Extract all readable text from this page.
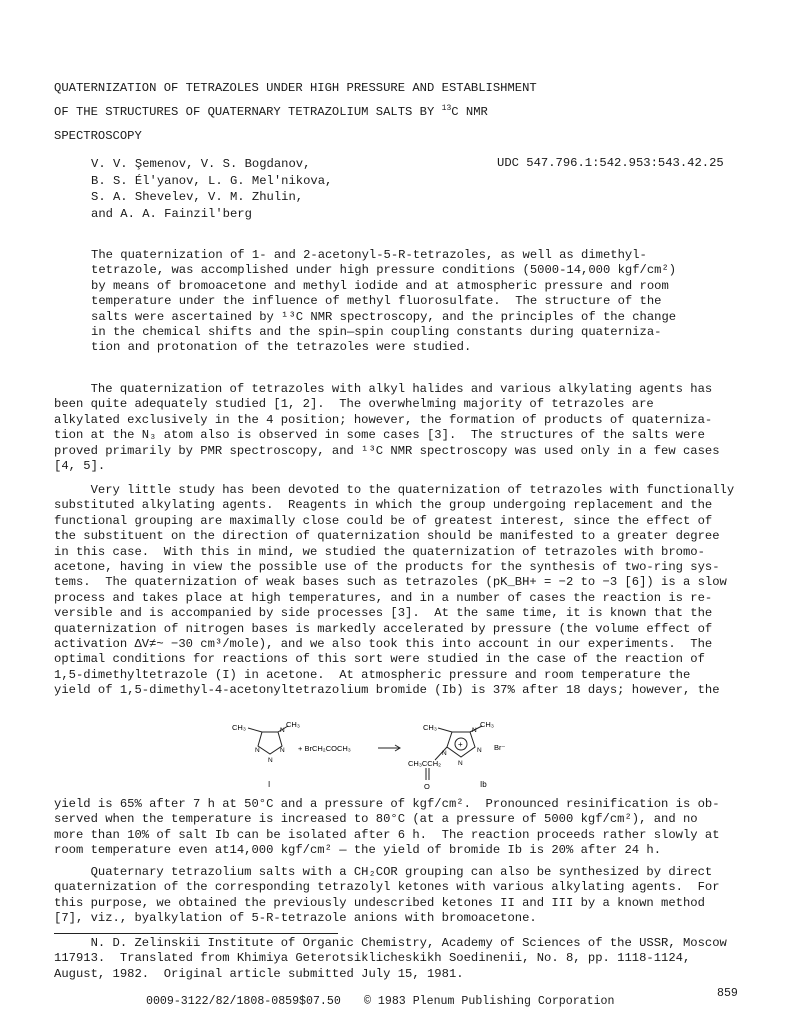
QUATERNIZATION OF TETRAZOLES UNDER HIGH PRESSURE AND ESTABLISHMENT
OF THE STRUCTURES OF QUATERNARY TETRAZOLIUM SALTS BY $^{13}$C NMR
SPECTROSCOPY
V. V. Şemenov, V. S. Bogdanov,
B. S. Él'yanov, L. G. Mel'nikova,
S. A. Shevelev, V. M. Zhulin,
and A. A. Fainzil'berg
UDC 547.796.1:542.953:543.42.25
The quaternization of 1- and 2-acetonyl-5-R-tetrazoles, as well as dimethyl-
tetrazole, was accomplished under high pressure conditions (5000-14,000 kgf/cm²)
by means of bromoacetone and methyl iodide and at atmospheric pressure and room
temperature under the influence of methyl fluorosulfate.  The structure of the
salts were ascertained by ¹³C NMR spectroscopy, and the principles of the change
in the chemical shifts and the spin—spin coupling constants during quaterniza-
tion and protonation of the tetrazoles were studied.
The quaternization of tetrazoles with alkyl halides and various alkylating agents has
been quite adequately studied [1, 2].  The overwhelming majority of tetrazoles are
alkylated exclusively in the 4 position; however, the formation of products of quaterniza-
tion at the N₃ atom also is observed in some cases [3].  The structures of the salts were
proved primarily by PMR spectroscopy, and ¹³C NMR spectroscopy was used only in a few cases
[4, 5].
Very little study has been devoted to the quaternization of tetrazoles with functionally
substituted alkylating agents.  Reagents in which the group undergoing replacement and the
functional grouping are maximally close could be of greatest interest, since the effect of
the substituent on the direction of quaternization should be manifested to a greater degree
in this case.  With this in mind, we studied the quaternization of tetrazoles with bromo-
acetone, having in view the possible use of the products for the synthesis of two-ring sys-
tems.  The quaternization of weak bases such as tetrazoles (pK_BH+ = −2 to −3 [6]) is a slow
process and takes place at high temperatures, and in a number of cases the reaction is re-
versible and is accompanied by side processes [3].  At the same time, it is known that the
quaternization of nitrogen bases is markedly accelerated by pressure (the volume effect of
activation ΔV≠~ −30 cm³/mole), and we also took this into account in our experiments.  The
optimal conditions for reactions of this sort were studied in the case of the reaction of
1,5-dimethyltetrazole (I) in acetone.  At atmospheric pressure and room temperature the
yield of 1,5-dimethyl-4-acetonyltetrazolium bromide (Ib) is 37% after 18 days; however, the
CH₃	CH₃
N
N	N
N
+ BrCH₂COCH₃
CH₃	CH₃
N
+
N
N
N
Br⁻
CH₃CCH₂
O
I	Ib
yield is 65% after 7 h at 50°C and a pressure of kgf/cm².  Pronounced resinification is ob-
served when the temperature is increased to 80°C (at a pressure of 5000 kgf/cm²), and no
more than 10% of salt Ib can be isolated after 6 h.  The reaction proceeds rather slowly at
room temperature even at14,000 kgf/cm² — the yield of bromide Ib is 20% after 24 h.
Quaternary tetrazolium salts with a CH₂COR grouping can also be synthesized by direct
quaternization of the corresponding tetrazolyl ketones with various alkylating agents.  For
this purpose, we obtained the previously undescribed ketones II and III by a known method
[7], viz., byalkylation of 5-R-tetrazole anions with bromoacetone.
N. D. Zelinskii Institute of Organic Chemistry, Academy of Sciences of the USSR, Moscow
117913.  Translated from Khimiya Geterotsiklicheskikh Soedinenii, No. 8, pp. 1118-1124,
August, 1982.  Original article submitted July 15, 1981.
0009-3122/82/1808-0859$07.50 © 1983 Plenum Publishing Corporation
859
